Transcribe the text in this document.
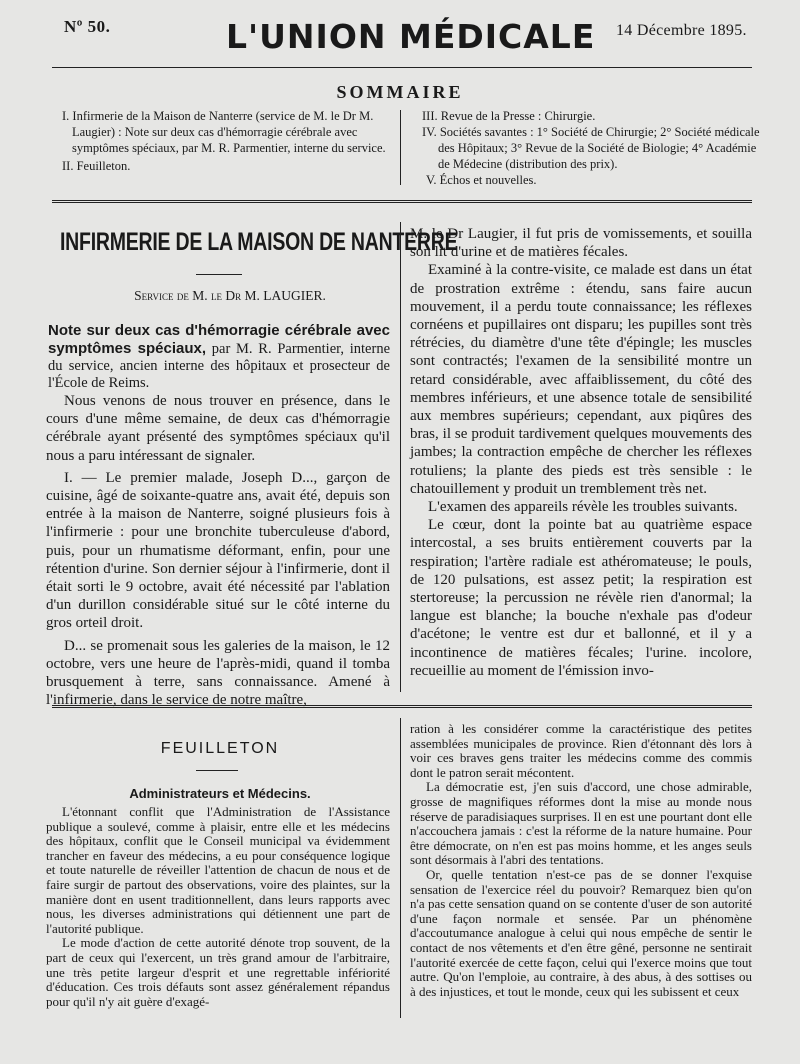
Nº 50.	L'UNION MÉDICALE 14 Décembre 1895.
SOMMAIRE
I. Infirmerie de la Maison de Nanterre (service de M. le Dr M. Laugier) : Note sur deux cas d'hémorragie cérébrale avec symptômes spéciaux, par M. R. Parmentier, interne du service.
II. Feuilleton.
III. Revue de la Presse : Chirurgie.
IV. Sociétés savantes : 1° Société de Chirurgie; 2° Société médicale des Hôpitaux; 3° Revue de la Société de Biologie; 4° Académie de Médecine (distribution des prix).
V. Échos et nouvelles.
INFIRMERIE DE LA MAISON DE NANTERRE
Service de M. le Dr M. LAUGIER.
Note sur deux cas d'hémorragie cérébrale avec symptômes spéciaux, par M. R. Parmentier, interne du service, ancien interne des hôpitaux et prosecteur de l'École de Reims.

Nous venons de nous trouver en présence, dans le cours d'une même semaine, de deux cas d'hémorragie cérébrale ayant présenté des symptômes spéciaux qu'il nous a paru intéressant de signaler.

I. — Le premier malade, Joseph D..., garçon de cuisine, âgé de soixante-quatre ans, avait été, depuis son entrée à la maison de Nanterre, soigné plusieurs fois à l'infirmerie : pour une bronchite tuberculeuse d'abord, puis, pour un rhumatisme déformant, enfin, pour une rétention d'urine. Son dernier séjour à l'infirmerie, dont il était sorti le 9 octobre, avait été nécessité par l'ablation d'un durillon considérable situé sur le côté interne du gros orteil droit.

D... se promenait sous les galeries de la maison, le 12 octobre, vers une heure de l'après-midi, quand il tomba brusquement à terre, sans connaissance. Amené à l'infirmerie, dans le service de notre maître,

M. le Dr Laugier, il fut pris de vomissements, et souilla son lit d'urine et de matières fécales.

Examiné à la contre-visite, ce malade est dans un état de prostration extrême : étendu, sans faire aucun mouvement, il a perdu toute connaissance; les réflexes cornéens et pupillaires ont disparu; les pupilles sont très rétrécies, du diamètre d'une tête d'épingle; les muscles sont contractés; l'examen de la sensibilité montre un retard considérable, avec affaiblissement, du côté des membres inférieurs, et une absence totale de sensibilité aux membres supérieurs; cependant, aux piqûres des bras, il se produit tardivement quelques mouvements des jambes; la contraction empêche de chercher les réflexes rotuliens; la plante des pieds est très sensible : le chatouillement y produit un tremblement très net.

L'examen des appareils révèle les troubles suivants.

Le cœur, dont la pointe bat au quatrième espace intercostal, a ses bruits entièrement couverts par la respiration; l'artère radiale est athéromateuse; le pouls, de 120 pulsations, est assez petit; la respiration est stertoreuse; la percussion ne révèle rien d'anormal; la langue est blanche; la bouche n'exhale pas d'odeur d'acétone; le ventre est dur et ballonné, et il y a incontinence de matières fécales; l'urine. incolore, recueillie au moment de l'émission invo-

FEUILLETON
Administrateurs et Médecins.

L'étonnant conflit que l'Administration de l'Assistance publique a soulevé, comme à plaisir, entre elle et les médecins des hôpitaux, conflit que le Conseil municipal va évidemment trancher en faveur des médecins, a eu pour conséquence logique et toute naturelle de réveiller l'attention de chacun de nous et de faire surgir de partout des observations, voire des plaintes, sur la manière dont en usent traditionnellent, dans leurs rapports avec nous, les diverses administrations qui détiennent une part de l'autorité publique.

Le mode d'action de cette autorité dénote trop souvent, de la part de ceux qui l'exercent, un très grand amour de l'arbitraire, une très petite largeur d'esprit et une regrettable infériorité d'éducation. Ces trois défauts sont assez généralement répandus pour qu'il n'y ait guère d'exagé-

ration à les considérer comme la caractéristique des petites assemblées municipales de province. Rien d'étonnant dès lors à voir ces braves gens traiter les médecins comme des commis dont le patron serait mécontent.

La démocratie est, j'en suis d'accord, une chose admirable, grosse de magnifiques réformes dont la mise au monde nous réserve de paradisiaques surprises. Il en est une pourtant dont elle n'accouchera jamais : c'est la réforme de la nature humaine. Pour être démocrate, on n'en est pas moins homme, et les anges seuls sont désormais à l'abri des tentations.

Or, quelle tentation n'est-ce pas de se donner l'exquise sensation de l'exercice réel du pouvoir? Remarquez bien qu'on n'a pas cette sensation quand on se contente d'user de son autorité d'une façon normale et sensée. Par un phénomène d'accoutumance analogue à celui qui nous empêche de sentir le contact de nos vêtements et d'en être gêné, personne ne sentirait l'autorité exercée de cette façon, celui qui l'exerce moins que tout autre. Qu'on l'emploie, au contraire, à des abus, à des sottises ou à des injustices, et tout le monde, ceux qui les subissent et ceux
